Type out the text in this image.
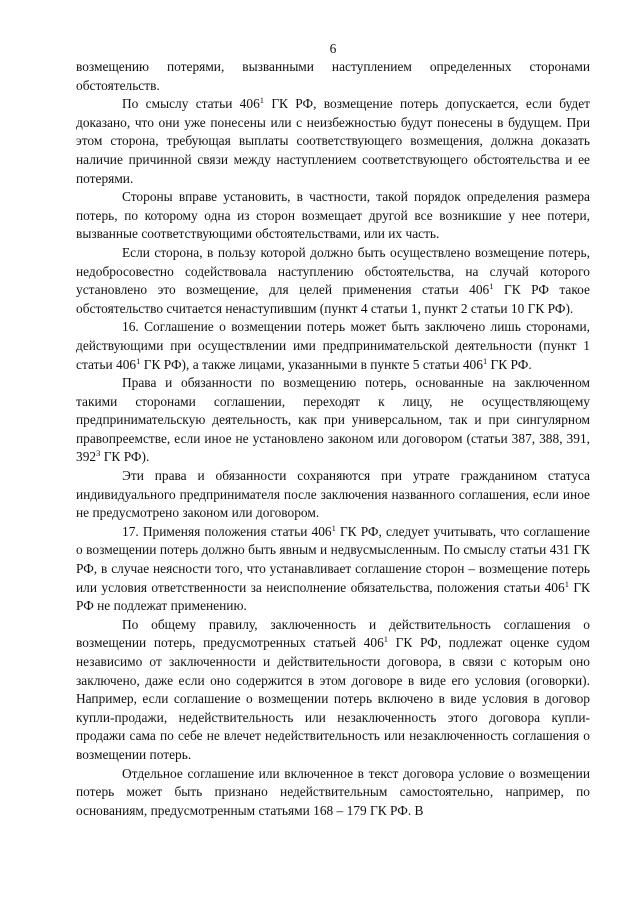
6

возмещению потерями, вызванными наступлением определенных сторонами обстоятельств.

По смыслу статьи $406^1$ ГК РФ, возмещение потерь допускается, если будет доказано, что они уже понесены или с неизбежностью будут понесены в будущем. При этом сторона, требующая выплаты соответствующего возмещения, должна доказать наличие причинной связи между наступлением соответствующего обстоятельства и ее потерями.

Стороны вправе установить, в частности, такой порядок определения размера потерь, по которому одна из сторон возмещает другой все возникшие у нее потери, вызванные соответствующими обстоятельствами, или их часть.

Если сторона, в пользу которой должно быть осуществлено возмещение потерь, недобросовестно содействовала наступлению обстоятельства, на случай которого установлено это возмещение, для целей применения статьи $406^1$ ГК РФ такое обстоятельство считается ненаступившим (пункт 4 статьи 1, пункт 2 статьи 10 ГК РФ).

16. Соглашение о возмещении потерь может быть заключено лишь сторонами, действующими при осуществлении ими предпринимательской деятельности (пункт 1 статьи $406^1$ ГК РФ), а также лицами, указанными в пункте 5 статьи $406^1$ ГК РФ.

Права и обязанности по возмещению потерь, основанные на заключенном такими сторонами соглашении, переходят к лицу, не осуществляющему предпринимательскую деятельность, как при универсальном, так и при сингулярном правопреемстве, если иное не установлено законом или договором (статьи 387, 388, 391, $392^3$ ГК РФ).

Эти права и обязанности сохраняются при утрате гражданином статуса индивидуального предпринимателя после заключения названного соглашения, если иное не предусмотрено законом или договором.

17. Применяя положения статьи $406^1$ ГК РФ, следует учитывать, что соглашение о возмещении потерь должно быть явным и недвусмысленным. По смыслу статьи 431 ГК РФ, в случае неясности того, что устанавливает соглашение сторон – возмещение потерь или условия ответственности за неисполнение обязательства, положения статьи $406^1$ ГК РФ не подлежат применению.

По общему правилу, заключенность и действительность соглашения о возмещении потерь, предусмотренных статьей $406^1$ ГК РФ, подлежат оценке судом независимо от заключенности и действительности договора, в связи с которым оно заключено, даже если оно содержится в этом договоре в виде его условия (оговорки). Например, если соглашение о возмещении потерь включено в виде условия в договор купли-продажи, недействительность или незаключенность этого договора купли-продажи сама по себе не влечет недействительность или незаключенность соглашения о возмещении потерь.

Отдельное соглашение или включенное в текст договора условие о возмещении потерь может быть признано недействительным самостоятельно, например, по основаниям, предусмотренным статьями 168 – 179 ГК РФ. В
